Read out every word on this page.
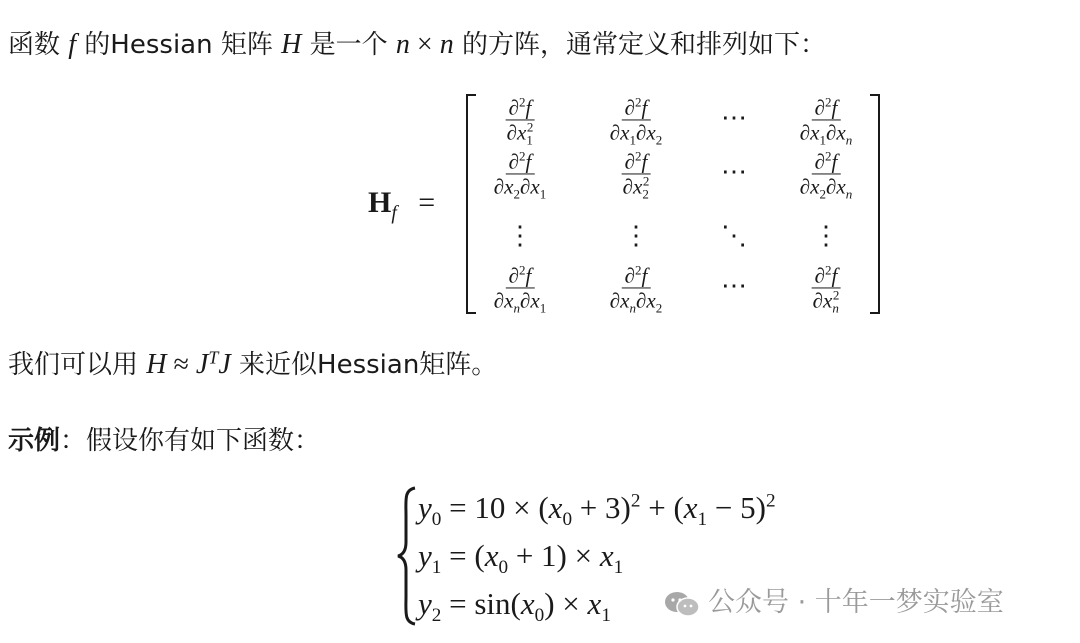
函数 f 的Hessian 矩阵 H 是一个 n × n 的方阵，通常定义和排列如下：
$H_f$ =
$\frac{\partial^2f}{\partial x_1^2}$	$\frac{\partial^2f}{\partial x_1\partial x_2}$ ⋯ $\frac{\partial^2f}{\partial x_1\partial x_n}$
$\frac{\partial^2f}{\partial x_2\partial x_1}$	$\frac{\partial^2f}{\partial x_2^2}$	⋯ $\frac{\partial^2f}{\partial x_2\partial x_n}$
⋮	⋮	⋱	⋮
$\frac{\partial^2f}{\partial x_n\partial x_1}$	$\frac{\partial^2f}{\partial x_n\partial x_2}$ ⋯	$\frac{\partial^2f}{\partial x_n^2}$
我们可以用 $H \approx J^TJ$ 来近似Hessian矩阵。
示例：假设你有如下函数：
$y_0 = 10 \times (x_0 + 3)^2 + (x_1 - 5)^2$
$y_1 = (x_0 + 1) \times x_1$
$y_2 = \sin(x_0) \times x_1$	公众号 · 十年一梦实验室
